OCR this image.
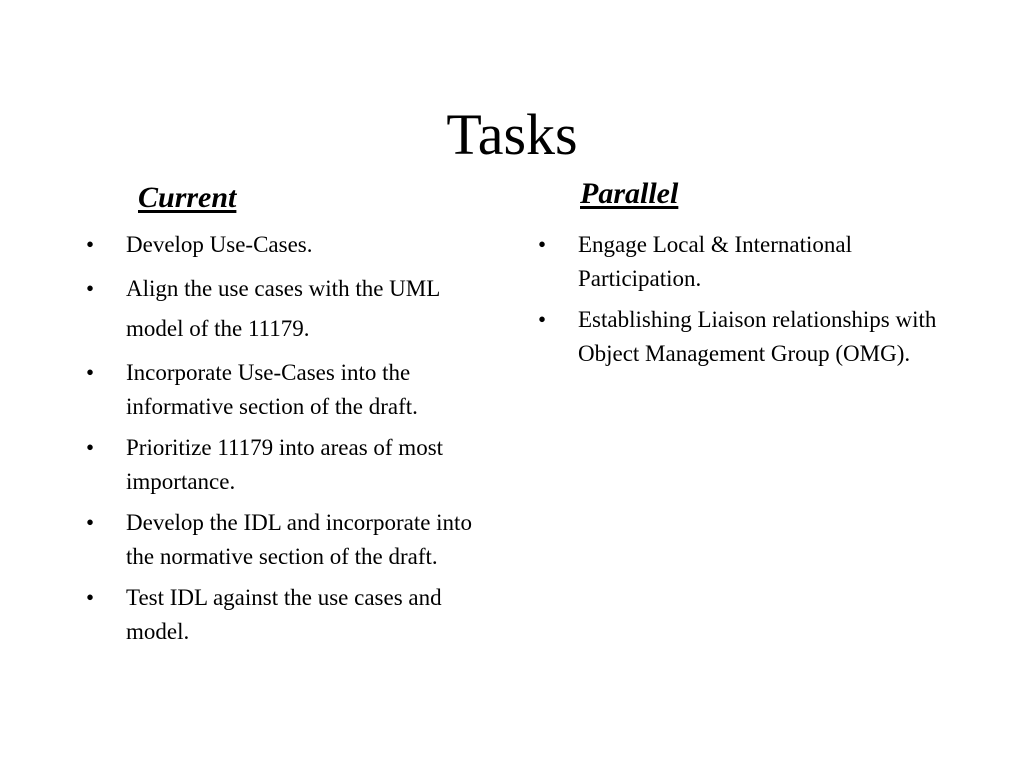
Tasks
Current	Parallel
•	Develop Use-Cases.
•	Align the use cases with the UML model of the 11179.
•	Incorporate Use-Cases into the informative section of the draft.
•	Prioritize 11179 into areas of most importance.
•	Develop the IDL and incorporate into the normative section of the draft.
•	Test IDL against the use cases and model.
•	Engage Local & International Participation.
•	Establishing Liaison relationships with Object Management Group (OMG).
